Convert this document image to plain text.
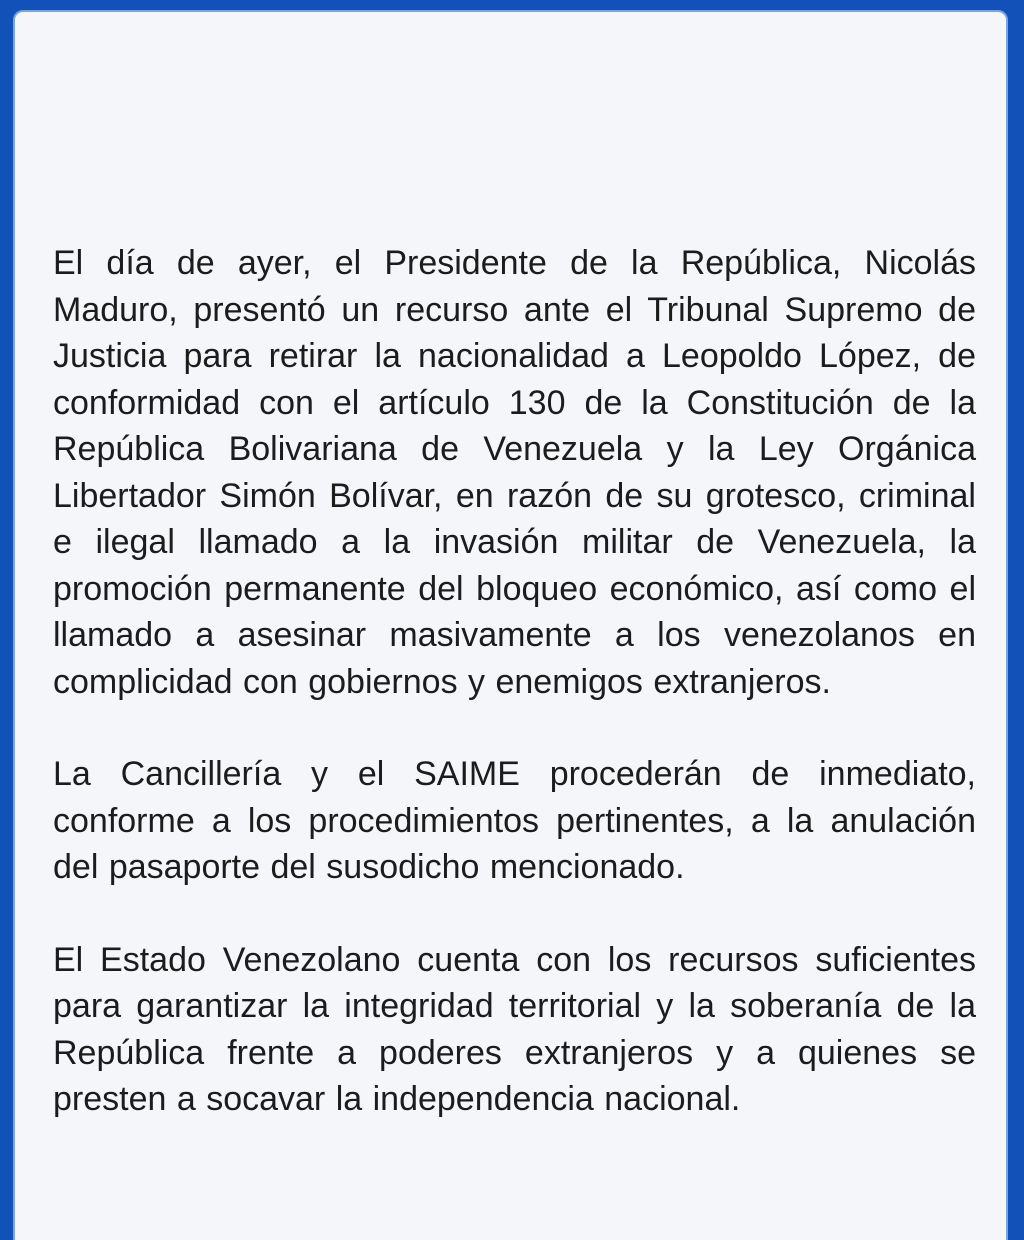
El día de ayer, el Presidente de la República, Nicolás Maduro, presentó un recurso ante el Tribunal Supremo de Justicia para retirar la nacionalidad a Leopoldo López, de conformidad con el artículo 130 de la Constitución de la República Bolivariana de Venezuela y la Ley Orgánica Libertador Simón Bolívar, en razón de su grotesco, criminal e ilegal llamado a la invasión militar de Venezuela, la promoción permanente del bloqueo económico, así como el llamado a asesinar masivamente a los venezolanos en complicidad con gobiernos y enemigos extranjeros.

La Cancillería y el SAIME procederán de inmediato, conforme a los procedimientos pertinentes, a la anulación del pasaporte del susodicho mencionado.

El Estado Venezolano cuenta con los recursos suficientes para garantizar la integridad territorial y la soberanía de la República frente a poderes extranjeros y a quienes se presten a socavar la independencia nacional.
